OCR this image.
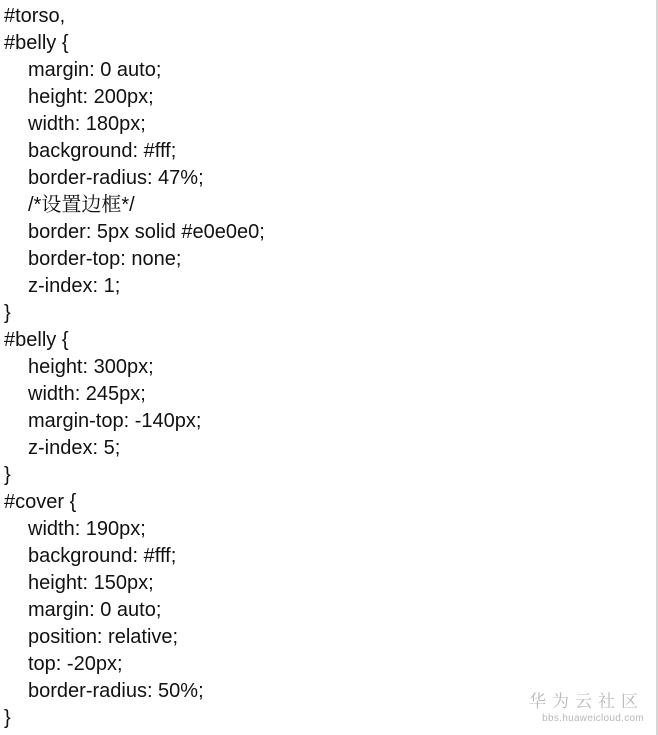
#torso,
#belly {
margin: 0 auto;
height: 200px;
width: 180px;
background: #fff;
border-radius: 47%;
/*设置边框*/
border: 5px solid #e0e0e0;
border-top: none;
z-index: 1;
}
#belly {
height: 300px;
width: 245px;
margin-top: -140px;
z-index: 5;
}
#cover {
width: 190px;
background: #fff;
height: 150px;
margin: 0 auto;
position: relative;
top: -20px;
border-radius: 50%;
}
华为云社区
bbs.huaweicloud.com
